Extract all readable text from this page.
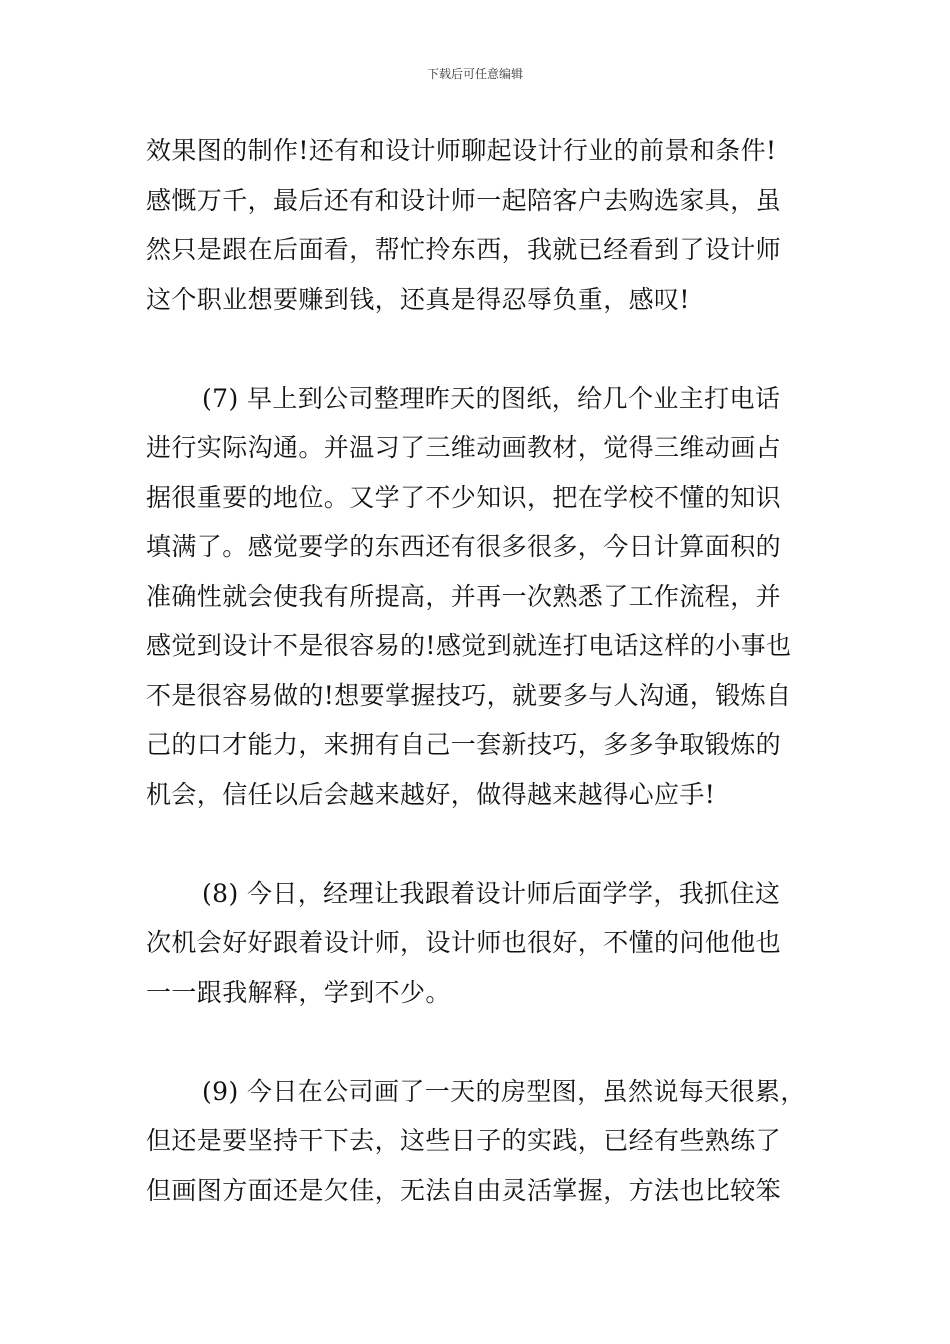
下载后可任意编辑
效果图的制作!还有和设计师聊起设计行业的前景和条件!
感慨万千，最后还有和设计师一起陪客户去购选家具，虽
然只是跟在后面看，帮忙拎东西，我就已经看到了设计师
这个职业想要赚到钱，还真是得忍辱负重，感叹!
(7) 早上到公司整理昨天的图纸，给几个业主打电话
进行实际沟通。并温习了三维动画教材，觉得三维动画占
据很重要的地位。又学了不少知识，把在学校不懂的知识
填满了。感觉要学的东西还有很多很多，今日计算面积的
准确性就会使我有所提高，并再一次熟悉了工作流程，并
感觉到设计不是很容易的!感觉到就连打电话这样的小事也
不是很容易做的!想要掌握技巧，就要多与人沟通，锻炼自
己的口才能力，来拥有自己一套新技巧，多多争取锻炼的
机会，信任以后会越来越好，做得越来越得心应手!
(8) 今日，经理让我跟着设计师后面学学，我抓住这
次机会好好跟着设计师，设计师也很好，不懂的问他他也
一一跟我解释，学到不少。
(9) 今日在公司画了一天的房型图，虽然说每天很累，
但还是要坚持干下去，这些日子的实践，已经有些熟练了
但画图方面还是欠佳，无法自由灵活掌握，方法也比较笨
